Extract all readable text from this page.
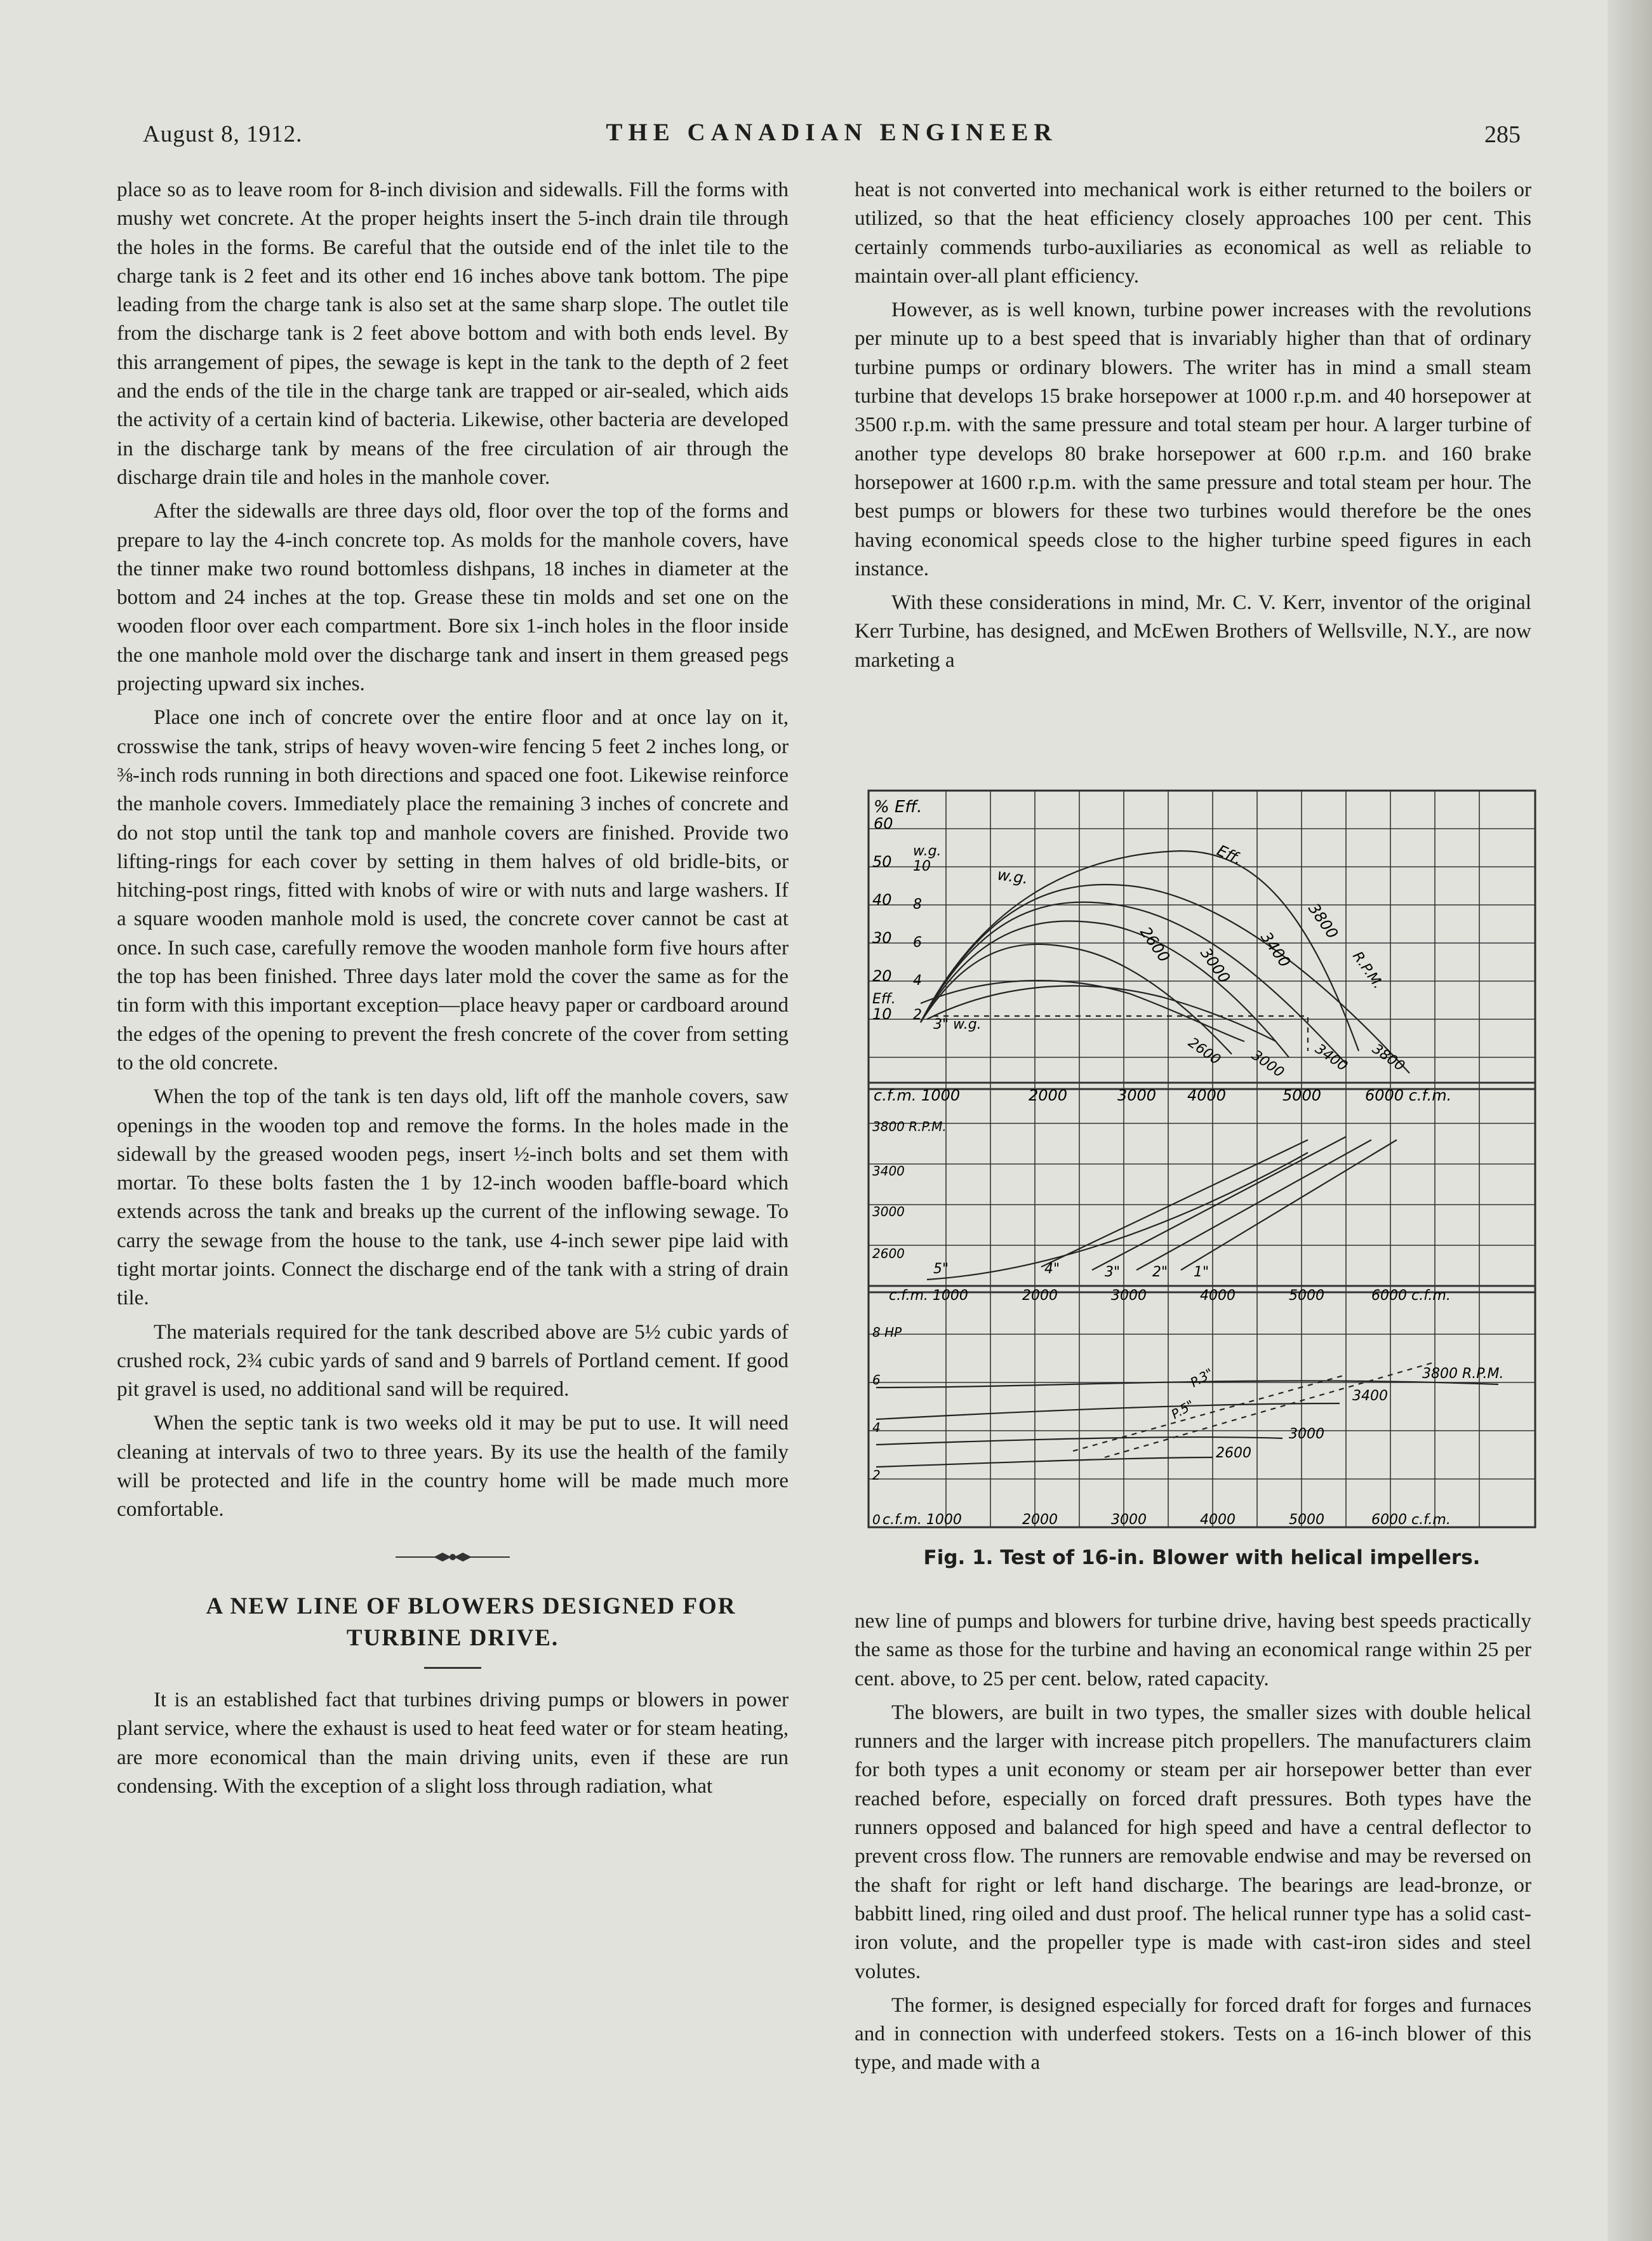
August 8, 1912.	THE CANADIAN ENGINEER	285

place so as to leave room for 8-inch division and sidewalls. Fill the forms with mushy wet concrete. At the proper heights insert the 5-inch drain tile through the holes in the forms. Be careful that the outside end of the inlet tile to the charge tank is 2 feet and its other end 16 inches above tank bottom. The pipe leading from the charge tank is also set at the same sharp slope. The outlet tile from the discharge tank is 2 feet above bottom and with both ends level. By this arrangement of pipes, the sewage is kept in the tank to the depth of 2 feet and the ends of the tile in the charge tank are trapped or air-sealed, which aids the activity of a certain kind of bacteria. Likewise, other bacteria are developed in the discharge tank by means of the free circulation of air through the discharge drain tile and holes in the manhole cover.

After the sidewalls are three days old, floor over the top of the forms and prepare to lay the 4-inch concrete top. As molds for the manhole covers, have the tinner make two round bottomless dishpans, 18 inches in diameter at the bottom and 24 inches at the top. Grease these tin molds and set one on the wooden floor over each compartment. Bore six 1-inch holes in the floor inside the one manhole mold over the discharge tank and insert in them greased pegs projecting upward six inches.

Place one inch of concrete over the entire floor and at once lay on it, crosswise the tank, strips of heavy woven-wire fencing 5 feet 2 inches long, or ⅜-inch rods running in both directions and spaced one foot. Likewise reinforce the manhole covers. Immediately place the remaining 3 inches of concrete and do not stop until the tank top and manhole covers are finished. Provide two lifting-rings for each cover by setting in them halves of old bridle-bits, or hitching-post rings, fitted with knobs of wire or with nuts and large washers. If a square wooden manhole mold is used, the concrete cover cannot be cast at once. In such case, carefully remove the wooden manhole form five hours after the top has been finished. Three days later mold the cover the same as for the tin form with this important exception—place heavy paper or cardboard around the edges of the opening to prevent the fresh concrete of the cover from setting to the old concrete.

When the top of the tank is ten days old, lift off the manhole covers, saw openings in the wooden top and remove the forms. In the holes made in the sidewall by the greased wooden pegs, insert ½-inch bolts and set them with mortar. To these bolts fasten the 1 by 12-inch wooden baffle-board which extends across the tank and breaks up the current of the inflowing sewage. To carry the sewage from the house to the tank, use 4-inch sewer pipe laid with tight mortar joints. Connect the discharge end of the tank with a string of drain tile.

The materials required for the tank described above are 5½ cubic yards of crushed rock, 2¾ cubic yards of sand and 9 barrels of Portland cement. If good pit gravel is used, no additional sand will be required.

When the septic tank is two weeks old it may be put to use. It will need cleaning at intervals of two to three years. By its use the health of the family will be protected and life in the country home will be made much more comfortable.

A NEW LINE OF BLOWERS DESIGNED FOR TURBINE DRIVE.

It is an established fact that turbines driving pumps or blowers in power plant service, where the exhaust is used to heat feed water or for steam heating, are more economical than the main driving units, even if these are run condensing. With the exception of a slight loss through radiation, what

heat is not converted into mechanical work is either returned to the boilers or utilized, so that the heat efficiency closely approaches 100 per cent. This certainly commends turbo-auxiliaries as economical as well as reliable to maintain over-all plant efficiency.

However, as is well known, turbine power increases with the revolutions per minute up to a best speed that is invariably higher than that of ordinary turbine pumps or ordinary blowers. The writer has in mind a small steam turbine that develops 15 brake horsepower at 1000 r.p.m. and 40 horsepower at 3500 r.p.m. with the same pressure and total steam per hour. A larger turbine of another type develops 80 brake horsepower at 600 r.p.m. and 160 brake horsepower at 1600 r.p.m. with the same pressure and total steam per hour. The best pumps or blowers for these two turbines would therefore be the ones having economical speeds close to the higher turbine speed figures in each instance.

With these considerations in mind, Mr. C. V. Kerr, inventor of the original Kerr Turbine, has designed, and McEwen Brothers of Wellsville, N.Y., are now marketing a

% Eff.
60
50
40
30
20
Eff.
10
w.g.
10
8
6
4
2
Eff.
w.g.
3800
R.P.M.
3400
3000
2600
2600 3000 3400 3800
3" w.g.
c.f.m. 1000	2000	3000 4000	5000	6000 c.f.m.
3800 R.P.M.
3400
3000
2600
5"	4"	3" 2" 1"
c.f.m. 1000	2000	3000	4000	5000	6000 c.f.m.
8 HP
6
4
2
0
3800 R.P.M.
3400
3000
2600
P.3"
P.5"
c.f.m. 1000	2000	3000	4000	5000	6000 c.f.m.
Fig. 1. Test of 16-in. Blower with helical impellers.

new line of pumps and blowers for turbine drive, having best speeds practically the same as those for the turbine and having an economical range within 25 per cent. above, to 25 per cent. below, rated capacity.

The blowers, are built in two types, the smaller sizes with double helical runners and the larger with increase pitch propellers. The manufacturers claim for both types a unit economy or steam per air horsepower better than ever reached before, especially on forced draft pressures. Both types have the runners opposed and balanced for high speed and have a central deflector to prevent cross flow. The runners are removable endwise and may be reversed on the shaft for right or left hand discharge. The bearings are lead-bronze, or babbitt lined, ring oiled and dust proof. The helical runner type has a solid cast-iron volute, and the propeller type is made with cast-iron sides and steel volutes.

The former, is designed especially for forced draft for forges and furnaces and in connection with underfeed stokers. Tests on a 16-inch blower of this type, and made with a
